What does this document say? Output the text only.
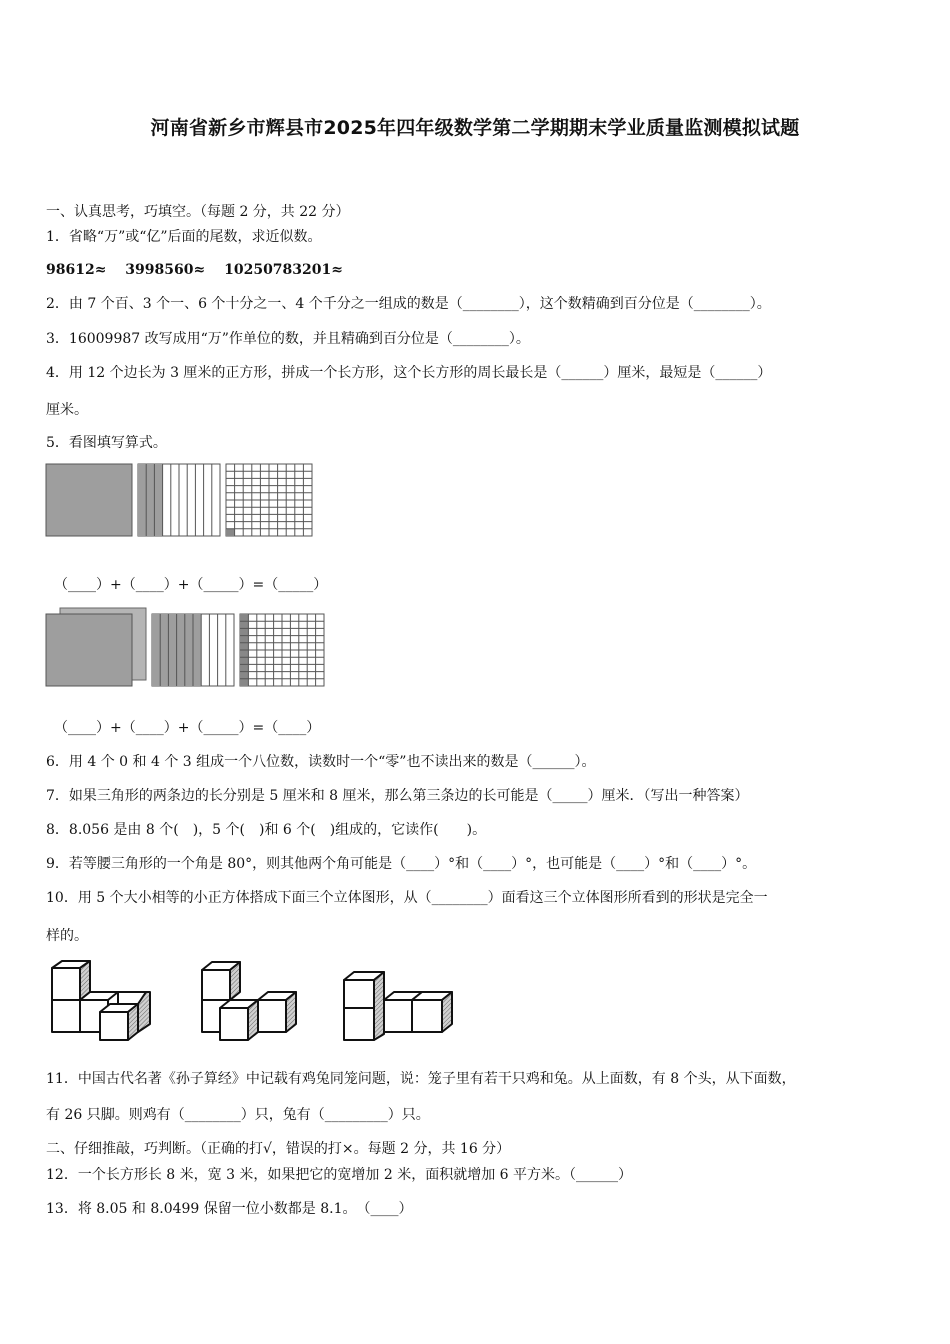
河南省新乡市辉县市2025年四年级数学第二学期期末学业质量监测模拟试题
一、认真思考，巧填空。（每题 2 分，共 22 分）
1．省略“万”或“亿”后面的尾数，求近似数。
98612≈　 3998560≈　 10250783201≈
2．由 7 个百、3 个一、6 个十分之一、4 个千分之一组成的数是（________），这个数精确到百分位是（________）。
3．16009987 改写成用“万”作单位的数，并且精确到百分位是（________）。
4．用 12 个边长为 3 厘米的正方形，拼成一个长方形，这个长方形的周长最长是（______）厘米，最短是（______）
厘米。
5．看图填写算式。
（____）+（____）+（_____）=（_____）
（____）+（____）+（_____）=（____）
6．用 4 个 0 和 4 个 3 组成一个八位数，读数时一个“零”也不读出来的数是（______）。
7．如果三角形的两条边的长分别是 5 厘米和 8 厘米，那么第三条边的长可能是（_____）厘米．（写出一种答案）
8．8.056 是由 8 个(　)，5 个(　)和 6 个(　)组成的，它读作(　　)。
9．若等腰三角形的一个角是 80°，则其他两个角可能是（____）°和（____）°，也可能是（____）°和（____）°。
10．用 5 个大小相等的小正方体搭成下面三个立体图形，从（________）面看这三个立体图形所看到的形状是完全一
样的。
11．中国古代名著《孙子算经》中记载有鸡兔同笼问题，说：笼子里有若干只鸡和兔。从上面数，有 8 个头，从下面数，
有 26 只脚。则鸡有（________）只，兔有（_________）只。
二、仔细推敲，巧判断。（正确的打√，错误的打×。每题 2 分，共 16 分）
12．一个长方形长 8 米，宽 3 米，如果把它的宽增加 2 米，面积就增加 6 平方米。（______）
13．将 8.05 和 8.0499 保留一位小数都是 8.1。　（____）
